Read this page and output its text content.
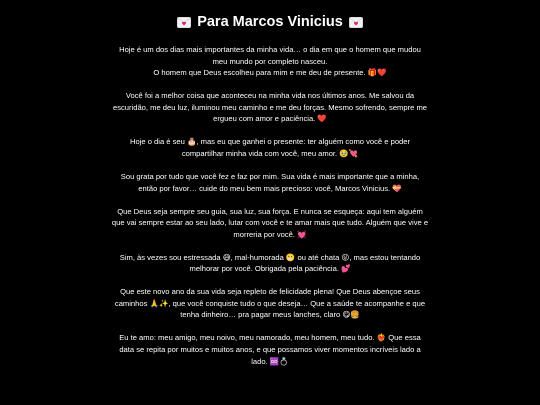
Para Marcos Vinicius

Hoje é um dos dias mais importantes da minha vida… o dia em que o homem que mudou
meu mundo por completo nasceu.
O homem que Deus escolheu para mim e me deu de presente. 🎁❤️

Você foi a melhor coisa que aconteceu na minha vida nos últimos anos. Me salvou da
escuridão, me deu luz, iluminou meu caminho e me deu forças. Mesmo sofrendo, sempre me
ergueu com amor e paciência. ❤️

Hoje o dia é seu 🎂, mas eu que ganhei o presente: ter alguém como você e poder
compartilhar minha vida com você, meu amor. 🥹💘

Sou grata por tudo que você fez e faz por mim. Sua vida é mais importante que a minha,
então por favor… cuide do meu bem mais precioso: você, Marcos Vinicius. 💝

Que Deus seja sempre seu guia, sua luz, sua força. E nunca se esqueça: aqui tem alguém
que vai sempre estar ao seu lado, lutar com você e te amar mais que tudo. Alguém que vive e
morreria por você. 💓

Sim, às vezes sou estressada 😅, mal-humorada 😬 ou até chata 😜, mas estou tentando
melhorar por você. Obrigada pela paciência. 💕

Que este novo ano da sua vida seja repleto de felicidade plena! Que Deus abençoe seus
caminhos 🙏✨, que você conquiste tudo o que deseja… Que a saúde te acompanhe e que
tenha dinheiro… pra pagar meus lanches, claro 😋🍔

Eu te amo: meu amigo, meu noivo, meu namorado, meu homem, meu tudo. ❤️‍🔥 Que essa
data se repita por muitos e muitos anos, e que possamos viver momentos incríveis lado a
lado. ♾️💍
